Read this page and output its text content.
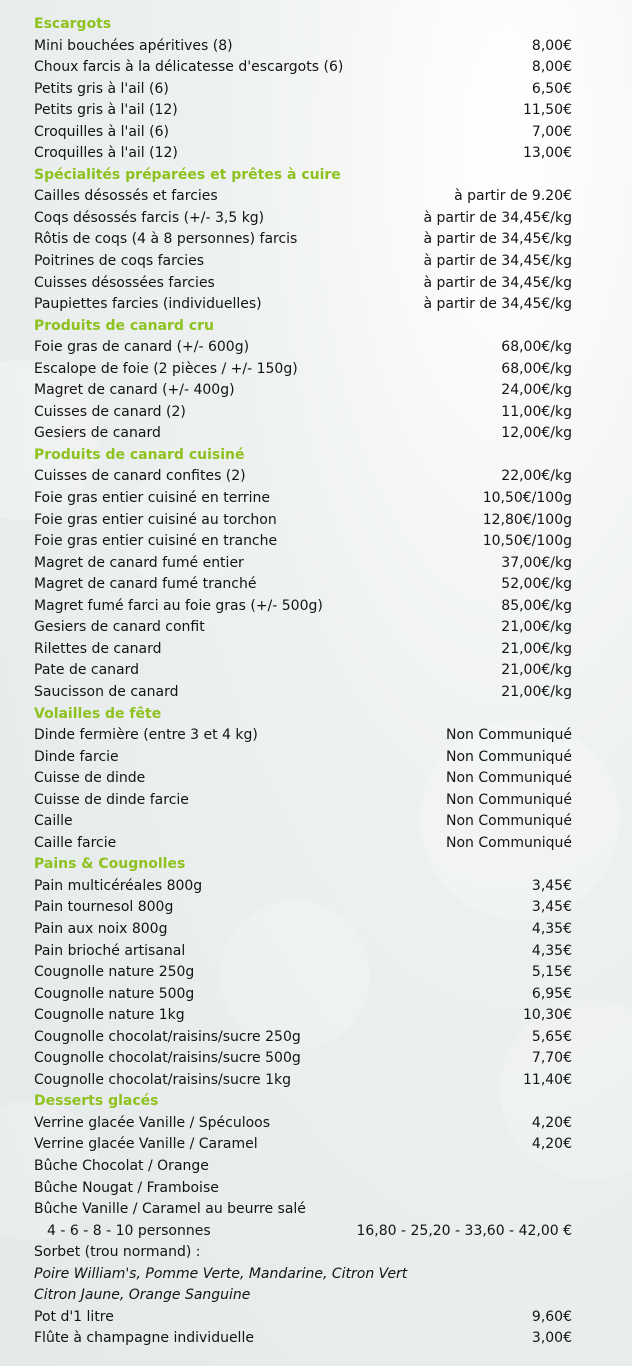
Escargots
Mini bouchées apéritives (8)	8,00€
Choux farcis à la délicatesse d'escargots (6)	8,00€
Petits gris à l'ail (6)	6,50€
Petits gris à l'ail (12)	11,50€
Croquilles à l'ail (6)	7,00€
Croquilles à l'ail (12)	13,00€
Spécialités préparées et prêtes à cuire
Cailles désossés et farcies	à partir de 9.20€
Coqs désossés farcis (+/- 3,5 kg)	à partir de 34,45€/kg
Rôtis de coqs (4 à 8 personnes) farcis	à partir de 34,45€/kg
Poitrines de coqs farcies	à partir de 34,45€/kg
Cuisses désossées farcies	à partir de 34,45€/kg
Paupiettes farcies (individuelles)	à partir de 34,45€/kg
Produits de canard cru
Foie gras de canard (+/- 600g)	68,00€/kg
Escalope de foie (2 pièces / +/- 150g)	68,00€/kg
Magret de canard (+/- 400g)	24,00€/kg
Cuisses de canard (2)	11,00€/kg
Gesiers de canard	12,00€/kg
Produits de canard cuisiné
Cuisses de canard confites (2)	22,00€/kg
Foie gras entier cuisiné en terrine	10,50€/100g
Foie gras entier cuisiné au torchon	12,80€/100g
Foie gras entier cuisiné en tranche	10,50€/100g
Magret de canard fumé entier	37,00€/kg
Magret de canard fumé tranché	52,00€/kg
Magret fumé farci au foie gras (+/- 500g)	85,00€/kg
Gesiers de canard confit	21,00€/kg
Rilettes de canard	21,00€/kg
Pate de canard	21,00€/kg
Saucisson de canard	21,00€/kg
Volailles de fête
Dinde fermière (entre 3 et 4 kg)	Non Communiqué
Dinde farcie	Non Communiqué
Cuisse de dinde	Non Communiqué
Cuisse de dinde farcie	Non Communiqué
Caille	Non Communiqué
Caille farcie	Non Communiqué
Pains & Cougnolles
Pain multicéréales 800g	3,45€
Pain tournesol 800g	3,45€
Pain aux noix 800g	4,35€
Pain brioché artisanal	4,35€
Cougnolle nature 250g	5,15€
Cougnolle nature 500g	6,95€
Cougnolle nature 1kg	10,30€
Cougnolle chocolat/raisins/sucre 250g	5,65€
Cougnolle chocolat/raisins/sucre 500g	7,70€
Cougnolle chocolat/raisins/sucre 1kg	11,40€
Desserts glacés
Verrine glacée Vanille / Spéculoos	4,20€
Verrine glacée Vanille / Caramel	4,20€
Bûche Chocolat / Orange
Bûche Nougat / Framboise
Bûche Vanille / Caramel au beurre salé
4 - 6 - 8 - 10 personnes	16,80 - 25,20 - 33,60 - 42,00 €
Sorbet (trou normand) :
Poire William's, Pomme Verte, Mandarine, Citron Vert
Citron Jaune, Orange Sanguine
Pot d'1 litre	9,60€
Flûte à champagne individuelle	3,00€
